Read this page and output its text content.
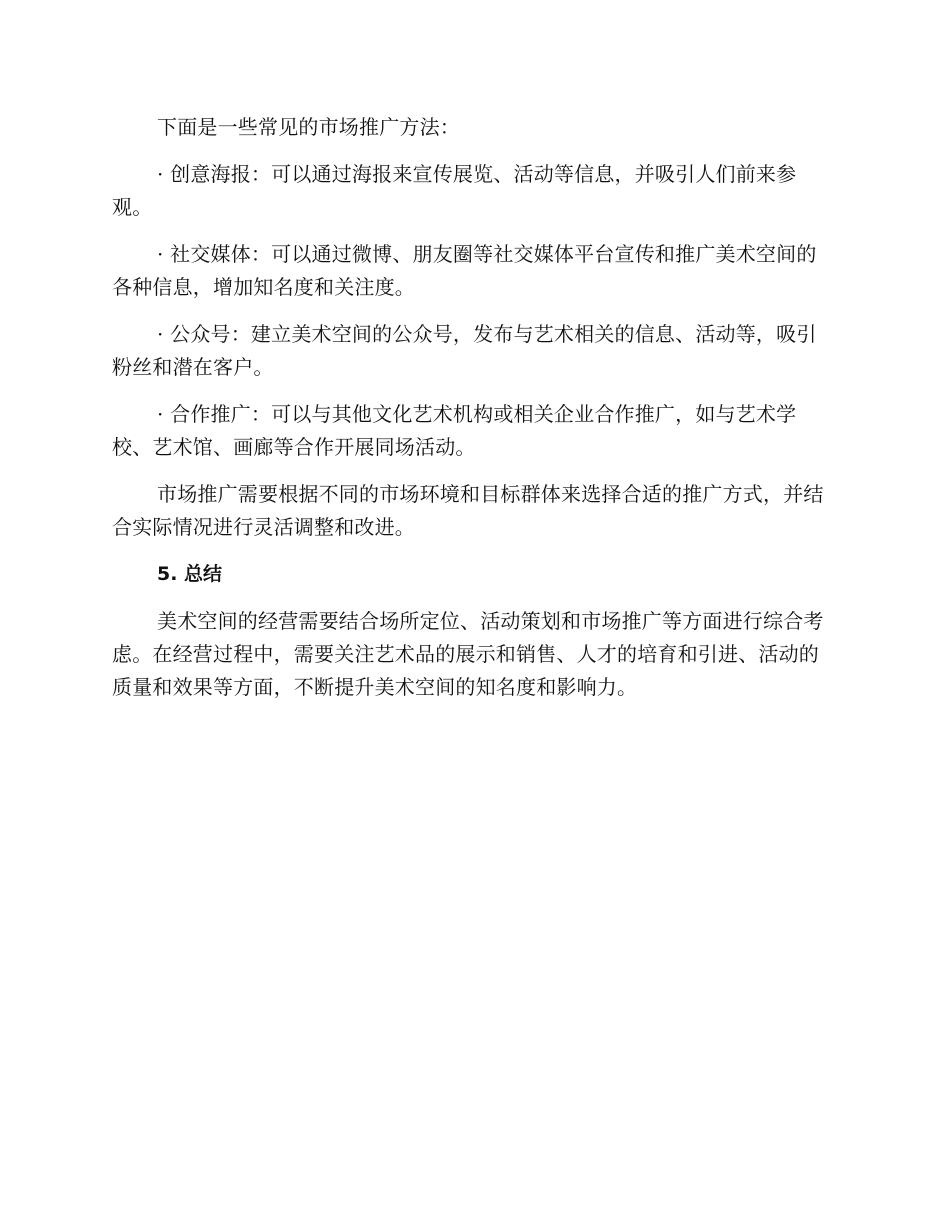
下面是一些常见的市场推广方法：

· 创意海报：可以通过海报来宣传展览、活动等信息，并吸引人们前来参观。

· 社交媒体：可以通过微博、朋友圈等社交媒体平台宣传和推广美术空间的各种信息，增加知名度和关注度。

· 公众号：建立美术空间的公众号，发布与艺术相关的信息、活动等，吸引粉丝和潜在客户。

· 合作推广：可以与其他文化艺术机构或相关企业合作推广，如与艺术学校、艺术馆、画廊等合作开展同场活动。

市场推广需要根据不同的市场环境和目标群体来选择合适的推广方式，并结合实际情况进行灵活调整和改进。

5. 总结

美术空间的经营需要结合场所定位、活动策划和市场推广等方面进行综合考虑。在经营过程中，需要关注艺术品的展示和销售、人才的培育和引进、活动的质量和效果等方面，不断提升美术空间的知名度和影响力。
